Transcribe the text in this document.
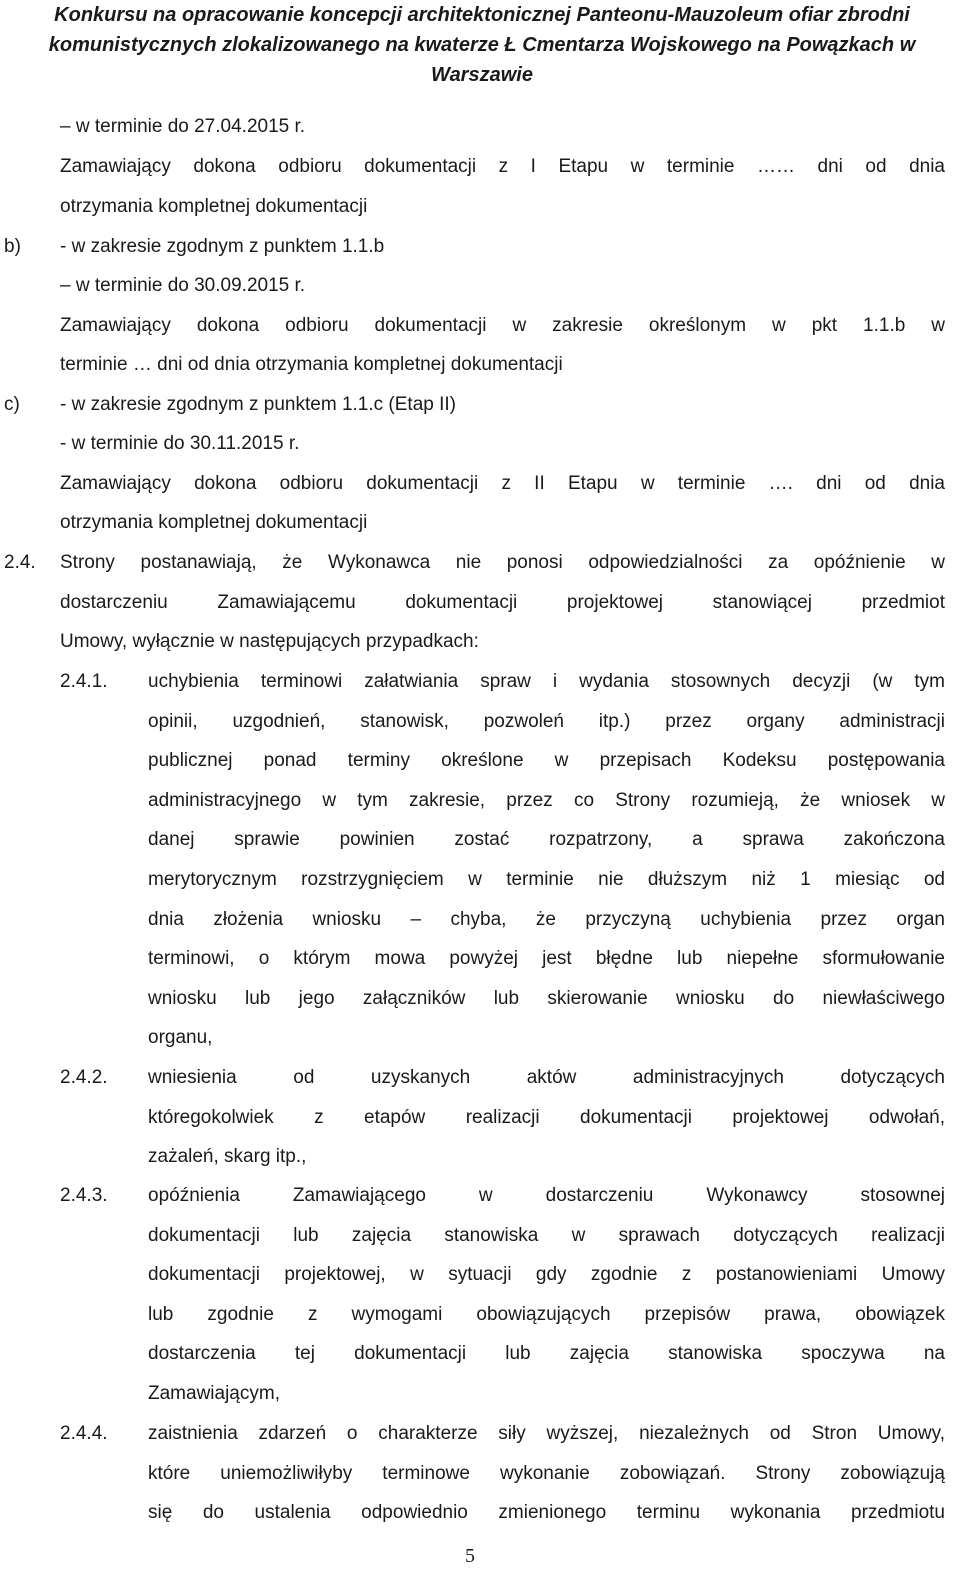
Konkursu na opracowanie koncepcji architektonicznej Panteonu-Mauzoleum ofiar zbrodni
komunistycznych zlokalizowanego na kwaterze Ł Cmentarza Wojskowego na Powązkach w
Warszawie
– w terminie do 27.04.2015 r.
Zamawiający dokona odbioru dokumentacji z I Etapu w terminie …… dni od dnia
otrzymania kompletnej dokumentacji
b) - w zakresie zgodnym z punktem 1.1.b
– w terminie do 30.09.2015 r.
Zamawiający dokona odbioru dokumentacji w zakresie określonym w pkt 1.1.b w
terminie … dni od dnia otrzymania kompletnej dokumentacji
c) - w zakresie zgodnym z punktem 1.1.c (Etap II)
- w terminie do 30.11.2015 r.
Zamawiający dokona odbioru dokumentacji z II Etapu w terminie …. dni od dnia
otrzymania kompletnej dokumentacji
2.4. Strony postanawiają, że Wykonawca nie ponosi odpowiedzialności za opóźnienie w
dostarczeniu Zamawiającemu dokumentacji projektowej stanowiącej przedmiot
Umowy, wyłącznie w następujących przypadkach:
2.4.1. uchybienia terminowi załatwiania spraw i wydania stosownych decyzji (w tym
opinii, uzgodnień, stanowisk, pozwoleń itp.) przez organy administracji
publicznej ponad terminy określone w przepisach Kodeksu postępowania
administracyjnego w tym zakresie, przez co Strony rozumieją, że wniosek w
danej sprawie powinien zostać rozpatrzony, a sprawa zakończona
merytorycznym rozstrzygnięciem w terminie nie dłuższym niż 1 miesiąc od
dnia złożenia wniosku – chyba, że przyczyną uchybienia przez organ
terminowi, o którym mowa powyżej jest błędne lub niepełne sformułowanie
wniosku lub jego załączników lub skierowanie wniosku do niewłaściwego
organu,
2.4.2. wniesienia od uzyskanych aktów administracyjnych dotyczących
któregokolwiek z etapów realizacji dokumentacji projektowej odwołań,
zażaleń, skarg itp.,
2.4.3. opóźnienia Zamawiającego w dostarczeniu Wykonawcy stosownej
dokumentacji lub zajęcia stanowiska w sprawach dotyczących realizacji
dokumentacji projektowej, w sytuacji gdy zgodnie z postanowieniami Umowy
lub zgodnie z wymogami obowiązujących przepisów prawa, obowiązek
dostarczenia tej dokumentacji lub zajęcia stanowiska spoczywa na
Zamawiającym,
2.4.4. zaistnienia zdarzeń o charakterze siły wyższej, niezależnych od Stron Umowy,
które uniemożliwiłyby terminowe wykonanie zobowiązań. Strony zobowiązują
się do ustalenia odpowiednio zmienionego terminu wykonania przedmiotu
5
